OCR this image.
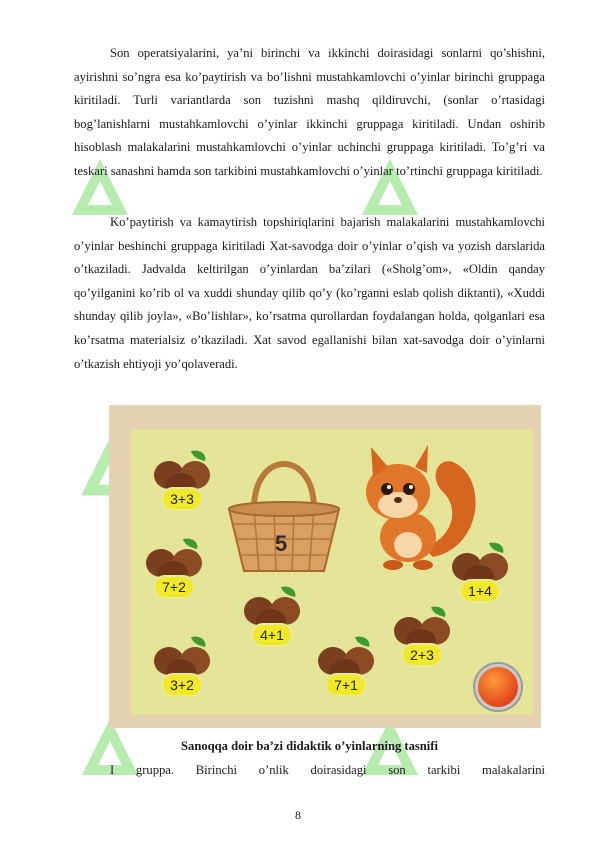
Son operatsiyalarini, ya’ni birinchi va ikkinchi doirasidagi sonlarni qo’shishni, ayirishni so’ngra esa ko’paytirish va bo’lishni mustahkamlovchi o’yinlar birinchi gruppaga kiritiladi. Turli variantlarda son tuzishni mashq qildiruvchi, (sonlar o’rtasidagi bog’lanishlarni mustahkamlovchi o’yinlar ikkinchi gruppaga kiritiladi. Undan oshirib hisoblash malakalarini mustahkamlovchi o’yinlar uchinchi gruppaga kiritiladi. To’g’ri va teskari sanashni hamda son tarkibini mustahkamlovchi o’yinlar to’rtinchi gruppaga kiritiladi.
Ko’paytirish va kamaytirish topshiriqlarini bajarish malakalarini mustahkamlovchi o’yinlar beshinchi gruppaga kiritiladi Xat-savodga doir o’yinlar o’qish va yozish darslarida o’tkaziladi. Jadvalda keltirilgan o’yinlardan ba’zilari («Sholg’om», «Oldin qanday qo’yilganini ko’rib ol va xuddi shunday qilib qo’y (ko’rganni eslab qolish diktanti), «Xuddi shunday qilib joyla», «Bo’lishlar», ko’rsatma qurollardan foydalangan holda, qolganlari esa ko’rsatma materialsiz o’tkaziladi. Xat savod egallanishi bilan xat-savodga doir o’yinlarni o’tkazish ehtiyoji yo’qolaveradi.
5
3+3
7+2
4+1
3+2	7+1
2+3
1+4
Sanoqqa doir ba’zi didaktik o’yinlarning tasnifi
I gruppa. Birinchi o’nlik doirasidagi son tarkibi malakalarini
8
